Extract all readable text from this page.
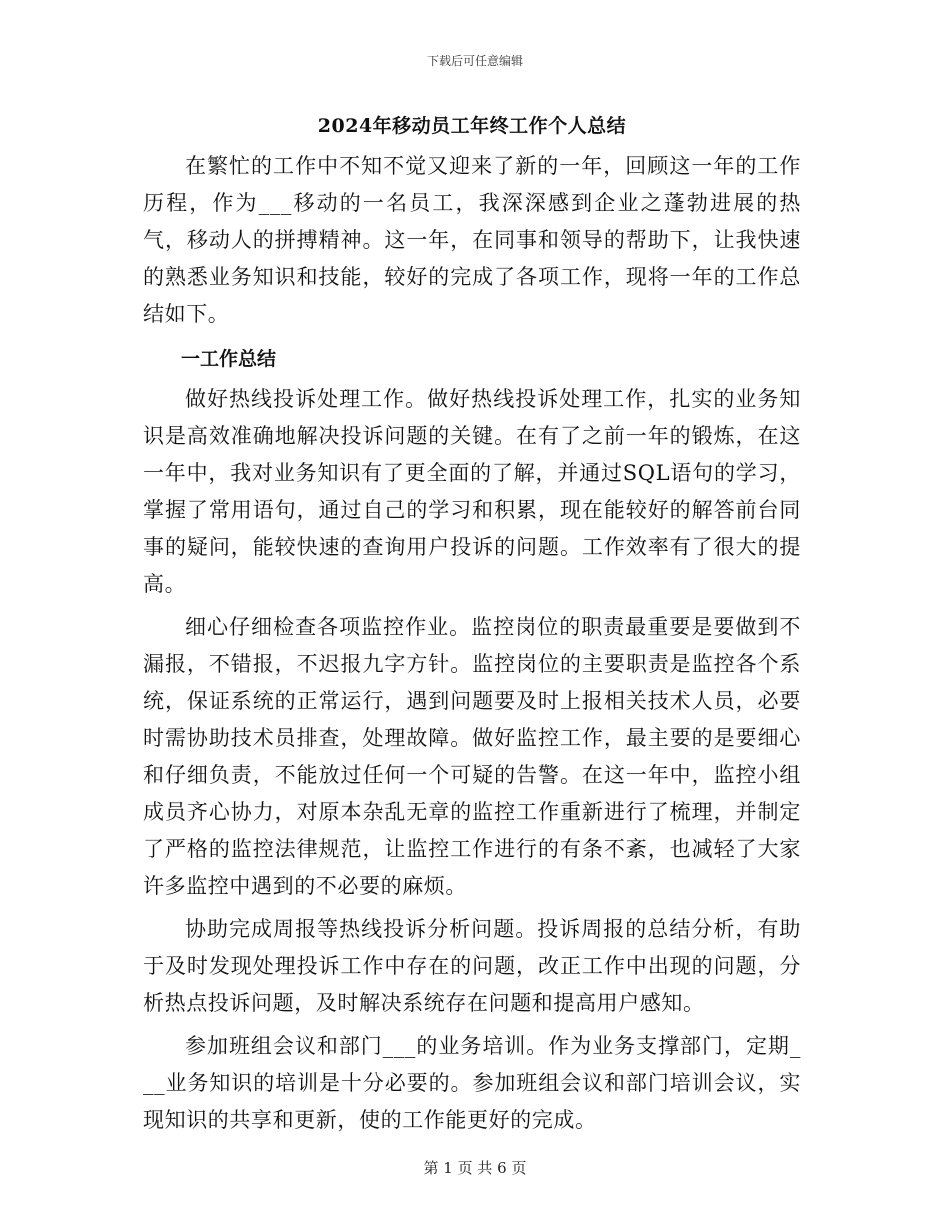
下载后可任意编辑
2024年移动员工年终工作个人总结

在繁忙的工作中不知不觉又迎来了新的一年，回顾这一年的工作历程，作为___移动的一名员工，我深深感到企业之蓬勃进展的热气，移动人的拼搏精神。这一年，在同事和领导的帮助下，让我快速的熟悉业务知识和技能，较好的完成了各项工作，现将一年的工作总结如下。

一工作总结

做好热线投诉处理工作。做好热线投诉处理工作，扎实的业务知识是高效准确地解决投诉问题的关键。在有了之前一年的锻炼，在这一年中，我对业务知识有了更全面的了解，并通过SQL语句的学习，掌握了常用语句，通过自己的学习和积累，现在能较好的解答前台同事的疑问，能较快速的查询用户投诉的问题。工作效率有了很大的提高。

细心仔细检查各项监控作业。监控岗位的职责最重要是要做到不漏报，不错报，不迟报九字方针。监控岗位的主要职责是监控各个系统，保证系统的正常运行，遇到问题要及时上报相关技术人员，必要时需协助技术员排查，处理故障。做好监控工作，最主要的是要细心和仔细负责，不能放过任何一个可疑的告警。在这一年中，监控小组成员齐心协力，对原本杂乱无章的监控工作重新进行了梳理，并制定了严格的监控法律规范，让监控工作进行的有条不紊，也减轻了大家许多监控中遇到的不必要的麻烦。

协助完成周报等热线投诉分析问题。投诉周报的总结分析，有助于及时发现处理投诉工作中存在的问题，改正工作中出现的问题，分析热点投诉问题，及时解决系统存在问题和提高用户感知。

参加班组会议和部门___的业务培训。作为业务支撑部门，定期___业务知识的培训是十分必要的。参加班组会议和部门培训会议，实现知识的共享和更新，使的工作能更好的完成。

第 1 页 共 6 页
